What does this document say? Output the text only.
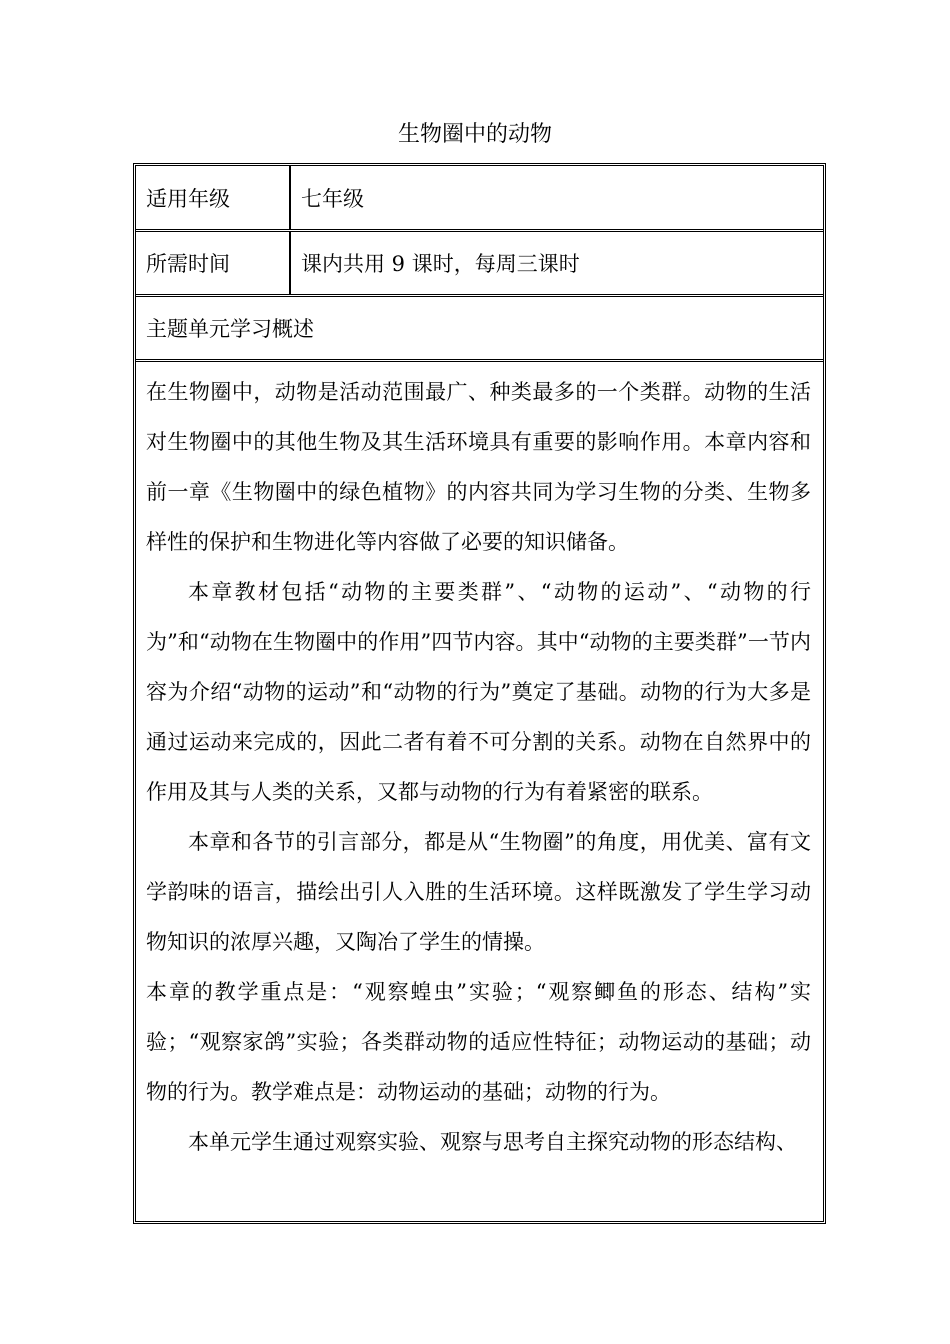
生物圈中的动物
适用年级	七年级
所需时间	课内共用 9 课时，每周三课时
主题单元学习概述

在生物圈中，动物是活动范围最广、种类最多的一个类群。动物的生活对生物圈中的其他生物及其生活环境具有重要的影响作用。本章内容和前一章《生物圈中的绿色植物》的内容共同为学习生物的分类、生物多样性的保护和生物进化等内容做了必要的知识储备。

本章教材包括“动物的主要类群”、“动物的运动”、“动物的行为”和“动物在生物圈中的作用”四节内容。其中“动物的主要类群”一节内容为介绍“动物的运动”和“动物的行为”奠定了基础。动物的行为大多是通过运动来完成的，因此二者有着不可分割的关系。动物在自然界中的作用及其与人类的关系，又都与动物的行为有着紧密的联系。

本章和各节的引言部分，都是从“生物圈”的角度，用优美、富有文学韵味的语言，描绘出引人入胜的生活环境。这样既激发了学生学习动物知识的浓厚兴趣，又陶冶了学生的情操。

本章的教学重点是：“观察蝗虫”实验；“观察鲫鱼的形态、结构”实验；“观察家鸽”实验；各类群动物的适应性特征；动物运动的基础；动物的行为。教学难点是：动物运动的基础；动物的行为。

本单元学生通过观察实验、观察与思考自主探究动物的形态结构、
